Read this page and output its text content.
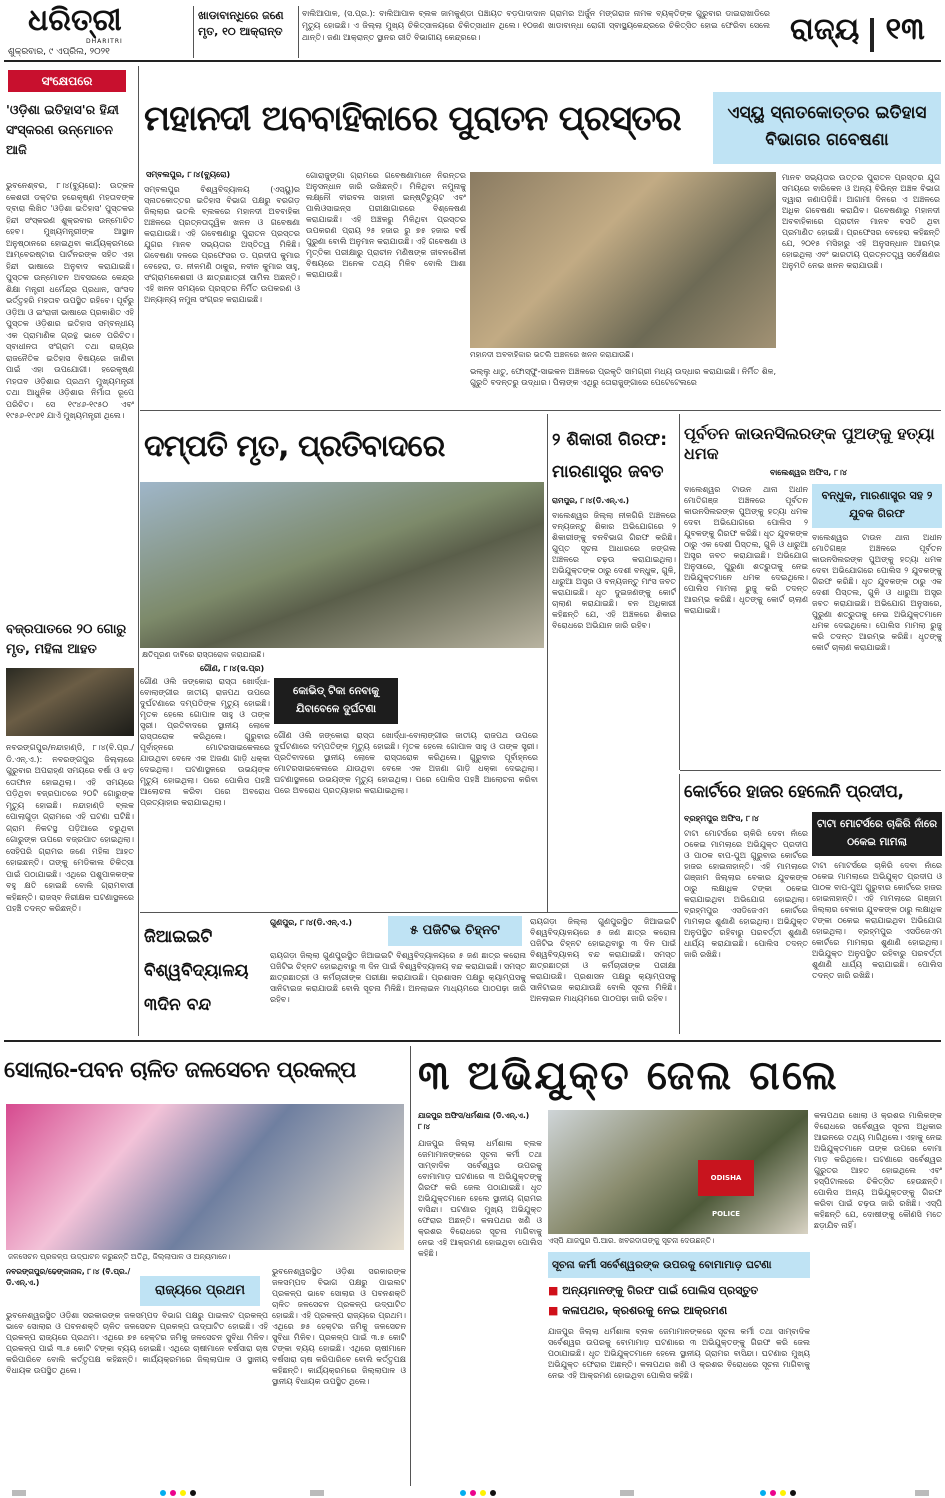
ଧରିତ୍ରୀ
DHARITRI
ଶୁକ୍ରବାର, ୯ ଏପ୍ରିଲ, ୨୦୨୧
ଖାଡାବାନ୍ଧିରେ ଜଣେ ମୃତ, ୧୦ ଆକ୍ରାନ୍ତ
ବାଲିଆପାଳ, (ସ.ପ୍ର.): ବାଲିଆପାଳ ବ୍ଲକ ଜାମକୁଣ୍ଡା ପଞ୍ଚାୟତ ବଡ଼ପାଦାଦାନ ଗ୍ରାମର ଅର୍ଜୁନ ମଙ୍ଗରାଜ ନାମକ ବ୍ୟକ୍ତିଙ୍କ ଗୁରୁବାର ଡାଇରାଖାଡିରେ ମୃତ୍ୟୁ ହୋଇଛି। ଏ ଜିଲ୍ଲା ମୁଖ୍ୟ ଚିକିତ୍ସାଳୟରେ ଚିକିତ୍ସାଧୀନ ଥିଲେ। ୧୦ଜଣ ଖାଡାବାନ୍ଧା ରୋଗୀ ସ୍ବାସ୍ଥ୍ୟକେନ୍ଦ୍ରରେ ଚିକିତ୍ସିତ ହୋଇ ଫେରିବା ସେଲେ ଥାନ୍ତି। ଜଣା ଆକ୍ରାନ୍ତ ସ୍ଥାନର ରୀତି ବିଭାଗୀୟ କେନ୍ଦ୍ରରେ।	ରାଜ୍ୟ ୧୩
ସଂକ୍ଷେପରେ
'ଓଡ଼ିଶା ଇତିହାସ'ର ହିନ୍ଦୀ ସଂସ୍କରଣ ଉନ୍ମୋଚନ ଆଜି
ଭୁବନେଶ୍ବର, ୮।୪(ବ୍ୟୁରୋ): ଉତ୍କଳ କେଶରୀ ଡକ୍ଟର ହରେକୃଷ୍ଣ ମହତାବଙ୍କ ଦ୍ବାରା ଲିଖିତ 'ଓଡ଼ିଶା ଇତିହାସ' ପୁସ୍ତକର ହିନ୍ଦୀ ସଂସ୍କରଣ ଶୁକ୍ରବାର ଉନ୍ମୋଚିତ ହେବ। ମୁଖ୍ୟମନ୍ତ୍ରୀଙ୍କ ଆସ୍ଥାନ ଅନୁଷ୍ଠାନରେ ହୋଇଥିବା କାର୍ଯ୍ୟକ୍ରମରେ ଆମ୍ବେରଷ୍ଟାର ପାର୍ଟନରଙ୍କ ସହିତ ଏହା ହିନ୍ଦୀ ଭାଷାରେ ଅନୁବାଦ କରାଯାଇଛି। ପୁସ୍ତକ ଉନ୍ମୋଚନ ଅବସରରେ କେନ୍ଦ୍ର ଶିକ୍ଷା ମନ୍ତ୍ରୀ ଧର୍ମେନ୍ଦ୍ର ପ୍ରଧାନ, ସାଂସଦ ଭର୍ତ୍ତୃହରି ମହତାବ ଉପସ୍ଥିତ ରହିବେ। ପୂର୍ବରୁ ଓଡ଼ିଆ ଓ ଇଂରାଜୀ ଭାଷାରେ ପ୍ରକାଶିତ ଏହି ପୁସ୍ତକ ଓଡ଼ିଶାର ଇତିହାସ ସମ୍ବନ୍ଧୀୟ ଏକ ପ୍ରାମାଣିକ ଗ୍ରନ୍ଥ ଭାବେ ପରିଚିତ। ସ୍ବାଧୀନତା ସଂଗ୍ରାମ ତଥା ରାଜ୍ୟର ରାଜନୈତିକ ଇତିହାସ ବିଷୟରେ ଜାଣିବା ପାଇଁ ଏହା ଉପଯୋଗୀ। ହରେକୃଷ୍ଣ ମହତାବ ଓଡ଼ିଶାର ପ୍ରଥମ ମୁଖ୍ୟମନ୍ତ୍ରୀ ତଥା ଆଧୁନିକ ଓଡ଼ିଶାର ନିର୍ମାତା ରୂପେ ପରିଚିତ। ସେ ୧୯୪୬-୧୯୫୦ ଏବଂ ୧୯୫୬-୧୯୬୧ ଯାଏଁ ମୁଖ୍ୟମନ୍ତ୍ରୀ ଥିଲେ।
ବଜ୍ରପାତରେ ୨୦ ଗୋରୁ ମୃତ, ମହିଳା ଆହତ
ନବରଙ୍ଗପୁର/ନନ୍ଦାହାଣ୍ଡି, ୮।୪(ବି.ପ୍ର./ଡି.ଏନ୍.ଏ.): ନବରଙ୍ଗପୁର ଜିଲ୍ଲାରେ ଗୁରୁବାର ଅପରାହ୍ଣ ସମୟରେ ବର୍ଷା ଓ ଝଡ଼ ତୋଫାନ ହୋଇଥିଲା। ଏହି ସମୟରେ ପଡ଼ିଥିବା ବଜ୍ରପାତରେ ୨୦ଟି ଗୋରୁଙ୍କ ମୃତ୍ୟୁ ହୋଇଛି। ନନ୍ଦାହାଣ୍ଡି ବ୍ଲକ ପୋଲାଗୁଡ଼ା ଗ୍ରାମରେ ଏହି ଘଟଣା ଘଟିଛି। ଗ୍ରାମ ନିକଟସ୍ଥ ପଡ଼ିଆରେ ଚରୁଥିବା ଗୋରୁଙ୍କ ଉପରେ ବଜ୍ରପାତ ହୋଇଥିଲା। ସେହିପରି ଗ୍ରାମର ଜଣେ ମହିଳା ଆହତ ହୋଇଛନ୍ତି। ତାଙ୍କୁ ମେଡିକାଲ ଚିକିତ୍ସା ପାଇଁ ପଠାଯାଇଛି। ଏଥିରେ ପଶୁପାଳକଙ୍କ ବହୁ କ୍ଷତି ହୋଇଛି ବୋଲି ଗ୍ରାମବାସୀ କହିଛନ୍ତି। ରାଜସ୍ବ ନିରୀକ୍ଷକ ଘଟଣାସ୍ଥଳରେ ପହଞ୍ଚି ତଦନ୍ତ କରିଛନ୍ତି।
ମହାନଦୀ ଅବବାହିକାରେ ପୁରାତନ ପ୍ରସ୍ତର	ଏସ୍‌ୟୁ ସ୍ନାତକୋତ୍ତର ଇତିହାସ ବିଭାଗର ଗବେଷଣା
ସମ୍ବଲପୁର, ୮।୪(ବ୍ୟୁରୋ)
ସମ୍ବଲପୁର ବିଶ୍ୱବିଦ୍ୟାଳୟ (ଏସ୍‌ୟୁ)ର ସ୍ନାତକୋତ୍ତର ଇତିହାସ ବିଭାଗ ପକ୍ଷରୁ ବରଗଡ଼ ଜିଲ୍ଲାର ଭତଲି ବ୍ଲକରେ ମହାନଦୀ ଅବବାହିକା ଅଞ୍ଚଳରେ ପ୍ରତ୍ନତାତ୍ତ୍ୱିକ ଖନନ ଓ ଗବେଷଣା କରାଯାଉଛି। ଏହି ଗବେଷଣାରୁ ପୁରାତନ ପ୍ରସ୍ତର ଯୁଗର ମାନବ ସଭ୍ୟତାର ଅସ୍ତିତ୍ୱ ମିଳିଛି। ଗବେଷଣା ଦଳରେ ପ୍ରଫେସର ଡ. ପ୍ରଦୀପ କୁମାର ବେହେରା, ଡ. ନୀଳମଣି ଠାକୁର, ନବୀନ କୁମାର ସାହୁ, ସଂଗ୍ରାମକେଶରୀ ଓ ଛାତ୍ରଛାତ୍ରୀ ସାମିଲ ଅଛନ୍ତି। ଏହି ଖନନ ସମୟରେ ପ୍ରସ୍ତର ନିର୍ମିତ ଉପକରଣ ଓ ଅନ୍ୟାନ୍ୟ ନମୁନା ସଂଗ୍ରହ କରାଯାଇଛି।
ଗୋରାଜୁଙ୍ଗା ଗ୍ରାମରେ ଗବେଷଣାମାନେ ନିରନ୍ତର ଅନୁସନ୍ଧାନ ଜାରି ରଖିଛନ୍ତି। ମିଳିଥିବା ନମୁନାକୁ ଲକ୍ଷ୍ନୌ ବୀରବଲ ସାହାନୀ ଇନ୍‌ଷ୍ଟିଚ୍ୟୁଟ ଏବଂ ପାଲିଓସାଇନ୍ସ ପରୀକ୍ଷାଗାରରେ ବିଶ୍ଳେଷଣ କରାଯାଇଛି। ଏହି ଅଞ୍ଚଳରୁ ମିଳିଥିବା ପ୍ରସ୍ତର ଉପକରଣ ପ୍ରାୟ ୨୫ ହଜାର ରୁ ୭୫ ହଜାର ବର୍ଷ ପୁରୁଣା ବୋଲି ଅନୁମାନ କରାଯାଉଛି। ଏହି ଗବେଷଣା ଓ ମୃତ୍ତିକା ପରୀକ୍ଷାରୁ ପ୍ରାଚୀନ ମଣିଷଙ୍କ ଜୀବନଶୈଳୀ ବିଷୟରେ ଅନେକ ତଥ୍ୟ ମିଳିବ ବୋଲି ଆଶା କରାଯାଉଛି।
ମହାନଦୀ ଅବବାହିକାର ଭତଲି ଅଞ୍ଚଳରେ ଖନନ କରାଯାଉଛି।
ଭଲ୍ଲୁ ଧାତୁ, ଫୋସ୍ଫୁ-ସାଇକନ ଅଞ୍ଚଳରେ ପ୍ରକୃତି ସାମଗ୍ରୀ ମଧ୍ୟ ଉଦ୍ଧାର କରାଯାଇଛି। ନିର୍ମିତ ଶିଳ, ଗୁରୁତି ବଦନ୍ତରୁ ଉଦ୍ଧାର। ପିଲାଙ୍କ ଏଥିରୁ ତୋରାଜୁଙ୍ଗାରେ ପେଟେଟେଲରେ
ମାନବ ସଭ୍ୟତାର ଉତ୍ତର ପୁରାତନ ପ୍ରସ୍ତର ଯୁଗ ସମୟରେ ବାରିକେନ ଓ ଅନ୍ୟ ବିଭିନ୍ନ ଅଞ୍ଚଳ ବିଭାଗ ଦ୍ୱାରା ଜଣାପଡ଼ିଛି। ଆଗାମୀ ଦିନରେ ଏ ଅଞ୍ଚଳରେ ଅଧିକ ଗବେଷଣା କରାଯିବ। ଗବେଷଣାରୁ ମହାନଦୀ ଅବବାହିକାରେ ପ୍ରାଚୀନ ମାନବ ବସତି ଥିବା ପ୍ରମାଣିତ ହୋଇଛି। ପ୍ରଫେସର ବେହେରା କହିଛନ୍ତି ଯେ, ୨୦୧୫ ମସିହାରୁ ଏହି ଅନୁସନ୍ଧାନ ଆରମ୍ଭ ହୋଇଥିଲା ଏବଂ ଭାରତୀୟ ପ୍ରତ୍ନତତ୍ତ୍ୱ ସର୍ବେକ୍ଷଣର ଅନୁମତି ନେଇ ଖନନ କରାଯାଉଛି।
ଦମ୍ପତି ମୃତ, ପ୍ରତିବାଦରେ
କ୍ଷତିପୂରଣ ଦାବିରେ ରାସ୍ତାରୋକ କରାଯାଇଛି।
ଗୌଣ, ୮।୪(ସ.ପ୍ର)
ଗୌଣ ଓଲି ଜଙ୍କୋରା ରାସ୍ତା ଖୋର୍ଦ୍ଧା-ବୋଲାଙ୍ଗୀର ଜାତୀୟ ରାଜପଥ ଉପରେ ଦୁର୍ଘଟଣାରେ ଦମ୍ପତିଙ୍କ ମୃତ୍ୟୁ ହୋଇଛି। ମୃତକ ହେଲେ ଗୋପାଳ ସାହୁ ଓ ତାଙ୍କ ସ୍ତ୍ରୀ। ପ୍ରତିବାଦରେ ସ୍ଥାନୀୟ ଲୋକେ ରାସ୍ତାରୋକ କରିଥିଲେ। ଗୁରୁବାର ପୂର୍ବାହ୍ନରେ ମୋଟରସାଇକେଲରେ ଯାଉଥିବା ବେଳେ ଏକ ଅଜଣା ଗାଡ଼ି ଧକ୍କା ଦେଇଥିଲା। ଘଟଣାସ୍ଥଳରେ ଉଭୟଙ୍କ ମୃତ୍ୟୁ ହୋଇଥିଲା। ପରେ ପୋଲିସ ପହଞ୍ଚି ଆଲୋଚନା କରିବା ପରେ ଅବରୋଧ ପ୍ରତ୍ୟାହାର କରାଯାଇଥିଲା।
କୋଭିଡ୍ ଟିକା ନେବାକୁ ଯିବାବେଳେ ଦୁର୍ଘଟଣା
ଗୌଣ ଓଲି ଜଙ୍କୋରା ରାସ୍ତା ଖୋର୍ଦ୍ଧା-ବୋଲାଙ୍ଗୀର ଜାତୀୟ ରାଜପଥ ଉପରେ ଦୁର୍ଘଟଣାରେ ଦମ୍ପତିଙ୍କ ମୃତ୍ୟୁ ହୋଇଛି। ମୃତକ ହେଲେ ଗୋପାଳ ସାହୁ ଓ ତାଙ୍କ ସ୍ତ୍ରୀ। ପ୍ରତିବାଦରେ ସ୍ଥାନୀୟ ଲୋକେ ରାସ୍ତାରୋକ କରିଥିଲେ। ଗୁରୁବାର ପୂର୍ବାହ୍ନରେ ମୋଟରସାଇକେଲରେ ଯାଉଥିବା ବେଳେ ଏକ ଅଜଣା ଗାଡ଼ି ଧକ୍କା ଦେଇଥିଲା। ଘଟଣାସ୍ଥଳରେ ଉଭୟଙ୍କ ମୃତ୍ୟୁ ହୋଇଥିଲା। ପରେ ପୋଲିସ ପହଞ୍ଚି ଆଲୋଚନା କରିବା ପରେ ଅବରୋଧ ପ୍ରତ୍ୟାହାର କରାଯାଇଥିଲା।
୨ ଶିକାରୀ ଗିରଫ: ମାରଣାସ୍ତ୍ର ଜବତ
ରାମପୁର, ୮।୪(ଡି.ଏନ୍.ଏ.)
ବାଲେଶ୍ୱର ଜିଲ୍ଲା ନୀଳଗିରି ଅଞ୍ଚଳରେ ବନ୍ୟଜନ୍ତୁ ଶିକାର ଅଭିଯୋଗରେ ୨ ଶିକାରୀଙ୍କୁ ବନବିଭାଗ ଗିରଫ କରିଛି। ଗୁପ୍ତ ସୂଚନା ଆଧାରରେ ଜଙ୍ଗଲ ଅଞ୍ଚଳରେ ଚଢ଼ଉ କରାଯାଇଥିଲା। ଅଭିଯୁକ୍ତଙ୍କ ଠାରୁ ଦେଶୀ ବନ୍ଧୁକ, ଗୁଳି, ଧାରୁଆ ଅସ୍ତ୍ର ଓ ବନ୍ୟଜନ୍ତୁ ମାଂସ ଜବତ କରାଯାଇଛି। ଧୃତ ଦୁଇଜଣଙ୍କୁ କୋର୍ଟ ଚାଲାଣ କରାଯାଇଛି। ବନ ଅଧିକାରୀ କହିଛନ୍ତି ଯେ, ଏହି ଅଞ୍ଚଳରେ ଶିକାର ବିରୋଧରେ ଅଭିଯାନ ଜାରି ରହିବ।
ପୂର୍ବତନ କାଉନସିଲରଙ୍କ ପୁଅଙ୍କୁ ହତ୍ୟା ଧମକ
ବାଲେଶ୍ୱର ଅଫିସ, ୮।୪
ବନ୍ଧୁକ, ମାରଣାସ୍ତ୍ର ସହ ୨ ଯୁବକ ଗିରଫ
ବାଲେଶ୍ୱର ଟାଉନ ଥାନା ଅଧୀନ ମୋତିଗଞ୍ଜ ଅଞ୍ଚଳରେ ପୂର୍ବତନ କାଉନସିଲରଙ୍କ ପୁଅଙ୍କୁ ହତ୍ୟା ଧମକ ଦେବା ଅଭିଯୋଗରେ ପୋଲିସ ୨ ଯୁବକଙ୍କୁ ଗିରଫ କରିଛି। ଧୃତ ଯୁବକଙ୍କ ଠାରୁ ଏକ ଦେଶୀ ପିସ୍ତଲ, ଗୁଳି ଓ ଧାରୁଆ ଅସ୍ତ୍ର ଜବତ କରାଯାଇଛି। ଅଭିଯୋଗ ଅନୁସାରେ, ପୁରୁଣା ଶତ୍ରୁତାକୁ ନେଇ ଅଭିଯୁକ୍ତମାନେ ଧମକ ଦେଇଥିଲେ। ପୋଲିସ ମାମଲା ରୁଜୁ କରି ତଦନ୍ତ ଆରମ୍ଭ କରିଛି। ଧୃତଙ୍କୁ କୋର୍ଟ ଚାଲାଣ କରାଯାଇଛି।
ବାଲେଶ୍ୱର ଟାଉନ ଥାନା ଅଧୀନ ମୋତିଗଞ୍ଜ ଅଞ୍ଚଳରେ ପୂର୍ବତନ କାଉନସିଲରଙ୍କ ପୁଅଙ୍କୁ ହତ୍ୟା ଧମକ ଦେବା ଅଭିଯୋଗରେ ପୋଲିସ ୨ ଯୁବକଙ୍କୁ ଗିରଫ କରିଛି। ଧୃତ ଯୁବକଙ୍କ ଠାରୁ ଏକ ଦେଶୀ ପିସ୍ତଲ, ଗୁଳି ଓ ଧାରୁଆ ଅସ୍ତ୍ର ଜବତ କରାଯାଇଛି। ଅଭିଯୋଗ ଅନୁସାରେ, ପୁରୁଣା ଶତ୍ରୁତାକୁ ନେଇ ଅଭିଯୁକ୍ତମାନେ ଧମକ ଦେଇଥିଲେ। ପୋଲିସ ମାମଲା ରୁଜୁ କରି ତଦନ୍ତ ଆରମ୍ଭ କରିଛି। ଧୃତଙ୍କୁ କୋର୍ଟ ଚାଲାଣ କରାଯାଇଛି।
କୋର୍ଟରେ ହାଜର ହେଲେନି ପ୍ରଦୀପ,
ବ୍ରହ୍ମପୁର ଅଫିସ, ୮।୪	ଟାଟା ମୋଟର୍ସରେ ଚାକିରି ନାଁରେ ଠକେଇ ମାମଲା
ଟାଟା ମୋଟର୍ସରେ ଚାକିରି ଦେବା ନାଁରେ ଠକେଇ ମାମଲାରେ ଅଭିଯୁକ୍ତ ପ୍ରଦୀପ ଓ ପାଠକ ବାପ-ପୁଅ ଗୁରୁବାର କୋର୍ଟରେ ହାଜର ହୋଇନାହାନ୍ତି। ଏହି ମାମଲାରେ ଗଞ୍ଜାମ ଜିଲ୍ଲାର ବେକାର ଯୁବକଙ୍କ ଠାରୁ ଲକ୍ଷାଧିକ ଟଙ୍କା ଠକେଇ କରାଯାଇଥିବା ଅଭିଯୋଗ ହୋଇଥିଲା। ବ୍ରହ୍ମପୁର ଏସଡିଜେଏମ କୋର୍ଟରେ ମାମଲାର ଶୁଣାଣି ହୋଇଥିଲା। ଅଭିଯୁକ୍ତ ଅନୁପସ୍ଥିତ ରହିବାରୁ ପରବର୍ତ୍ତୀ ଶୁଣାଣି ଧାର୍ଯ୍ୟ କରାଯାଇଛି। ପୋଲିସ ତଦନ୍ତ ଜାରି ରଖିଛି।
ଟାଟା ମୋଟର୍ସରେ ଚାକିରି ଦେବା ନାଁରେ ଠକେଇ ମାମଲାରେ ଅଭିଯୁକ୍ତ ପ୍ରଦୀପ ଓ ପାଠକ ବାପ-ପୁଅ ଗୁରୁବାର କୋର୍ଟରେ ହାଜର ହୋଇନାହାନ୍ତି। ଏହି ମାମଲାରେ ଗଞ୍ଜାମ ଜିଲ୍ଲାର ବେକାର ଯୁବକଙ୍କ ଠାରୁ ଲକ୍ଷାଧିକ ଟଙ୍କା ଠକେଇ କରାଯାଇଥିବା ଅଭିଯୋଗ ହୋଇଥିଲା। ବ୍ରହ୍ମପୁର ଏସଡିଜେଏମ କୋର୍ଟରେ ମାମଲାର ଶୁଣାଣି ହୋଇଥିଲା। ଅଭିଯୁକ୍ତ ଅନୁପସ୍ଥିତ ରହିବାରୁ ପରବର୍ତ୍ତୀ ଶୁଣାଣି ଧାର୍ଯ୍ୟ କରାଯାଇଛି। ପୋଲିସ ତଦନ୍ତ ଜାରି ରଖିଛି।
ଜିଆଇଇଟି ବିଶ୍ୱବିଦ୍ୟାଳୟ ୩ଦିନ ବନ୍ଦ
ଗୁଣପୁର, ୮।୪(ଡି.ଏନ୍.ଏ.)
୫ ପଜିଟିଭ ଚିହ୍ନଟ
ରାୟଗଡ଼ା ଜିଲ୍ଲା ଗୁଣପୁରସ୍ଥିତ ଜିଆଇଇଟି ବିଶ୍ୱବିଦ୍ୟାଳୟରେ ୫ ଜଣ ଛାତ୍ର କରୋନା ପଜିଟିଭ ଚିହ୍ନଟ ହୋଇଥିବାରୁ ୩ ଦିନ ପାଇଁ ବିଶ୍ୱବିଦ୍ୟାଳୟ ବନ୍ଦ କରାଯାଇଛି। ସମସ୍ତ ଛାତ୍ରଛାତ୍ରୀ ଓ କର୍ମଚାରୀଙ୍କ ପରୀକ୍ଷା କରାଯାଉଛି। ପ୍ରଶାସନ ପକ୍ଷରୁ କ୍ୟାମ୍ପସକୁ ସାନିଟାଇଜ କରାଯାଉଛି ବୋଲି ସୂଚନା ମିଳିଛି। ଅନଲାଇନ ମାଧ୍ୟମରେ ପାଠପଢ଼ା ଜାରି ରହିବ।
ରାୟଗଡ଼ା ଜିଲ୍ଲା ଗୁଣପୁରସ୍ଥିତ ଜିଆଇଇଟି ବିଶ୍ୱବିଦ୍ୟାଳୟରେ ୫ ଜଣ ଛାତ୍ର କରୋନା ପଜିଟିଭ ଚିହ୍ନଟ ହୋଇଥିବାରୁ ୩ ଦିନ ପାଇଁ ବିଶ୍ୱବିଦ୍ୟାଳୟ ବନ୍ଦ କରାଯାଇଛି। ସମସ୍ତ ଛାତ୍ରଛାତ୍ରୀ ଓ କର୍ମଚାରୀଙ୍କ ପରୀକ୍ଷା କରାଯାଉଛି। ପ୍ରଶାସନ ପକ୍ଷରୁ କ୍ୟାମ୍ପସକୁ ସାନିଟାଇଜ କରାଯାଉଛି ବୋଲି ସୂଚନା ମିଳିଛି। ଅନଲାଇନ ମାଧ୍ୟମରେ ପାଠପଢ଼ା ଜାରି ରହିବ।
ସୋଲାର-ପବନ ଚାଳିତ ଜଳସେଚନ ପ୍ରକଳ୍ପ
ଜଳସେଚନ ପ୍ରକଳ୍ପ ଉଦ୍‌ଘାଟନ କରୁଛନ୍ତି ଅତିଥି, ଜିଲ୍ଲାପାଳ ଓ ଅନ୍ୟମାନେ।
ନବରଙ୍ଗପୁର/ଢେଙ୍କାନାଳ, ୮।୪ (ବି.ପ୍ର./ଡି.ଏନ୍.ଏ.)
ରାଜ୍ୟରେ ପ୍ରଥମ
ଭୁବନେଶ୍ୱରସ୍ଥିତ ଓଡ଼ିଶା ସରକାରଙ୍କ ଜଳସମ୍ପଦ ବିଭାଗ ପକ୍ଷରୁ ପାଇଲଟ ପ୍ରକଳ୍ପ ଭାବେ ସୋଲାର ଓ ପବନଶକ୍ତି ଚାଳିତ ଜଳସେଚନ ପ୍ରକଳ୍ପ ଉଦ୍‌ଘାଟିତ ହୋଇଛି। ଏହି ପ୍ରକଳ୍ପ ରାଜ୍ୟରେ ପ୍ରଥମ। ଏଥିରେ ୭୫ ହେକ୍ଟର ଜମିକୁ ଜଳସେଚନ ସୁବିଧା ମିଳିବ। ପ୍ରକଳ୍ପ ପାଇଁ ୩.୫ କୋଟି ଟଙ୍କା ବ୍ୟୟ ହୋଇଛି। ଏଥିରେ ଚାଷୀମାନେ ବର୍ଷସାରା ଚାଷ କରିପାରିବେ ବୋଲି କର୍ତ୍ତୃପକ୍ଷ କହିଛନ୍ତି। କାର୍ଯ୍ୟକ୍ରମରେ ଜିଲ୍ଲାପାଳ ଓ ସ୍ଥାନୀୟ ବିଧାୟକ ଉପସ୍ଥିତ ଥିଲେ।
ଭୁବନେଶ୍ୱରସ୍ଥିତ ଓଡ଼ିଶା ସରକାରଙ୍କ ଜଳସମ୍ପଦ ବିଭାଗ ପକ୍ଷରୁ ପାଇଲଟ ପ୍ରକଳ୍ପ ଭାବେ ସୋଲାର ଓ ପବନଶକ୍ତି ଚାଳିତ ଜଳସେଚନ ପ୍ରକଳ୍ପ ଉଦ୍‌ଘାଟିତ ହୋଇଛି। ଏହି ପ୍ରକଳ୍ପ ରାଜ୍ୟରେ ପ୍ରଥମ। ଏଥିରେ ୭୫ ହେକ୍ଟର ଜମିକୁ ଜଳସେଚନ ସୁବିଧା ମିଳିବ। ପ୍ରକଳ୍ପ ପାଇଁ ୩.୫ କୋଟି ଟଙ୍କା ବ୍ୟୟ ହୋଇଛି। ଏଥିରେ ଚାଷୀମାନେ ବର୍ଷସାରା ଚାଷ କରିପାରିବେ ବୋଲି କର୍ତ୍ତୃପକ୍ଷ କହିଛନ୍ତି। କାର୍ଯ୍ୟକ୍ରମରେ ଜିଲ୍ଲାପାଳ ଓ ସ୍ଥାନୀୟ ବିଧାୟକ ଉପସ୍ଥିତ ଥିଲେ।
୩ ଅଭିଯୁକ୍ତ ଜେଲ ଗଲେ
ଯାଜପୁର ଅଫିସ/ଧର୍ମଶାଳା (ଡି.ଏନ୍.ଏ.) ୮।୪
ଯାଜପୁର ଜିଲ୍ଲା ଧର୍ମଶାଳା ବ୍ଲକ ଜେମାମାନଙ୍କରେ ସୂଚନା କର୍ମୀ ତଥା ସାମ୍ବାଦିକ ସର୍ବେଶ୍ୱର ଉପରକୁ ବୋମାମାଡ଼ ଘଟଣାରେ ୩ ଅଭିଯୁକ୍ତଙ୍କୁ ଗିରଫ କରି ଜେଲ ପଠାଯାଇଛି। ଧୃତ ଅଭିଯୁକ୍ତମାନେ ହେଲେ ସ୍ଥାନୀୟ ଗ୍ରାମର ବାସିନ୍ଦା। ଘଟଣାର ମୁଖ୍ୟ ଅଭିଯୁକ୍ତ ଫେରାର ଅଛନ୍ତି। କଳାପଥର ଖଣି ଓ କ୍ରଶର ବିରୋଧରେ ସୂଚନା ମାଗିବାକୁ ନେଇ ଏହି ଆକ୍ରମଣ ହୋଇଥିବା ପୋଲିସ କହିଛି।
ODISHA POLICE
ଏସ୍‌ପି ଯାଜପୁର ପି.ଆର. ଖବରଦାତାଙ୍କୁ ସୂଚନା ଦେଉଛନ୍ତି।
ସୂଚନା କର୍ମୀ ସର୍ବେଶ୍ୱରଙ୍କ ଉପରକୁ ବୋମାମାଡ଼ ଘଟଣା
■ ଅନ୍ୟମାନଙ୍କୁ ଗିରଫ ପାଇଁ ପୋଲିସ ପ୍ରସ୍ତୁତ
■ କଳାପଥର, କ୍ରଶରକୁ ନେଇ ଆକ୍ରମଣ
ଯାଜପୁର ଜିଲ୍ଲା ଧର୍ମଶାଳା ବ୍ଲକ ଜେମାମାନଙ୍କରେ ସୂଚନା କର୍ମୀ ତଥା ସାମ୍ବାଦିକ ସର୍ବେଶ୍ୱର ଉପରକୁ ବୋମାମାଡ଼ ଘଟଣାରେ ୩ ଅଭିଯୁକ୍ତଙ୍କୁ ଗିରଫ କରି ଜେଲ ପଠାଯାଇଛି। ଧୃତ ଅଭିଯୁକ୍ତମାନେ ହେଲେ ସ୍ଥାନୀୟ ଗ୍ରାମର ବାସିନ୍ଦା। ଘଟଣାର ମୁଖ୍ୟ ଅଭିଯୁକ୍ତ ଫେରାର ଅଛନ୍ତି। କଳାପଥର ଖଣି ଓ କ୍ରଶର ବିରୋଧରେ ସୂଚନା ମାଗିବାକୁ ନେଇ ଏହି ଆକ୍ରମଣ ହୋଇଥିବା ପୋଲିସ କହିଛି।
କଳାପଥର ଖୋଲା ଓ କ୍ରଶର ମାଲିକଙ୍କ ବିରୋଧରେ ସର୍ବେଶ୍ୱର ସୂଚନା ଅଧିକାର ଆଇନରେ ତଥ୍ୟ ମାଗିଥିଲେ। ଏହାକୁ ନେଇ ଅଭିଯୁକ୍ତମାନେ ତାଙ୍କ ଉପରେ ବୋମା ମାଡ଼ କରିଥିଲେ। ଘଟଣାରେ ସର୍ବେଶ୍ୱର ଗୁରୁତର ଆହତ ହୋଇଥିଲେ ଏବଂ ହସ୍ପିଟାଲରେ ଚିକିତ୍ସିତ ହେଉଛନ୍ତି। ପୋଲିସ ଅନ୍ୟ ଅଭିଯୁକ୍ତଙ୍କୁ ଗିରଫ କରିବା ପାଇଁ ଚଢ଼ଉ ଜାରି ରଖିଛି। ଏସ୍‌ପି କହିଛନ୍ତି ଯେ, ଦୋଷୀଙ୍କୁ କୌଣସି ମତେ ଛଡ଼ାଯିବ ନାହିଁ।
